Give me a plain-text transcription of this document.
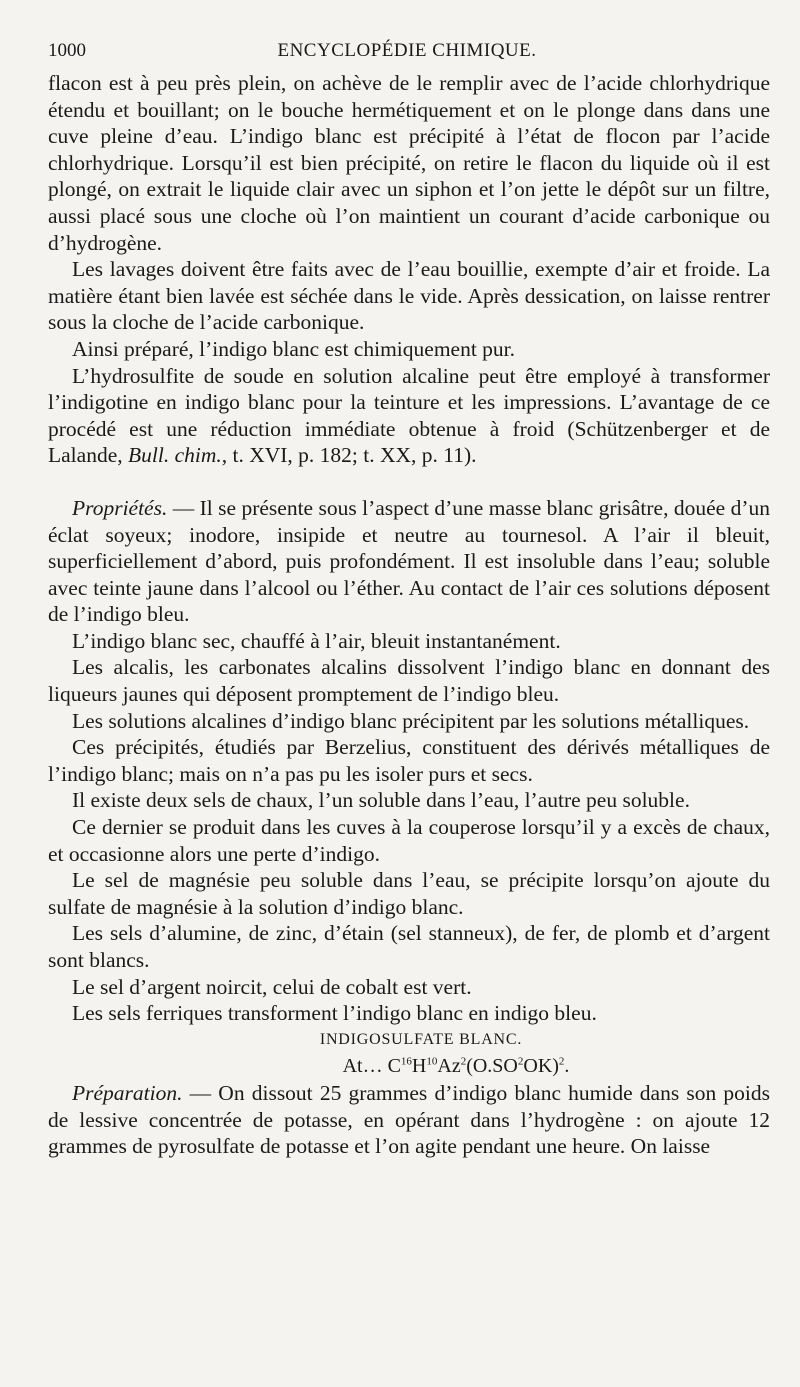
1000	ENCYCLOPÉDIE CHIMIQUE.

flacon est à peu près plein, on achève de le remplir avec de l’acide chlorhydrique étendu et bouillant; on le bouche hermétiquement et on le plonge dans dans une cuve pleine d’eau. L’indigo blanc est précipité à l’état de flocon par l’acide chlorhydrique. Lorsqu’il est bien précipité, on retire le flacon du liquide où il est plongé, on extrait le liquide clair avec un siphon et l’on jette le dépôt sur un filtre, aussi placé sous une cloche où l’on maintient un courant d’acide carbonique ou d’hydrogène.

Les lavages doivent être faits avec de l’eau bouillie, exempte d’air et froide. La matière étant bien lavée est séchée dans le vide. Après dessication, on laisse rentrer sous la cloche de l’acide carbonique.

Ainsi préparé, l’indigo blanc est chimiquement pur.

L’hydrosulfite de soude en solution alcaline peut être employé à transformer l’indigotine en indigo blanc pour la teinture et les impressions. L’avantage de ce procédé est une réduction immédiate obtenue à froid (Schützenberger et de Lalande, Bull. chim., t. XVI, p. 182; t. XX, p. 11).

Propriétés. — Il se présente sous l’aspect d’une masse blanc grisâtre, douée d’un éclat soyeux; inodore, insipide et neutre au tournesol. A l’air il bleuit, superficiellement d’abord, puis profondément. Il est insoluble dans l’eau; soluble avec teinte jaune dans l’alcool ou l’éther. Au contact de l’air ces solutions déposent de l’indigo bleu.

L’indigo blanc sec, chauffé à l’air, bleuit instantanément.

Les alcalis, les carbonates alcalins dissolvent l’indigo blanc en donnant des liqueurs jaunes qui déposent promptement de l’indigo bleu.

Les solutions alcalines d’indigo blanc précipitent par les solutions métalliques.

Ces précipités, étudiés par Berzelius, constituent des dérivés métalliques de l’indigo blanc; mais on n’a pas pu les isoler purs et secs.

Il existe deux sels de chaux, l’un soluble dans l’eau, l’autre peu soluble.

Ce dernier se produit dans les cuves à la couperose lorsqu’il y a excès de chaux, et occasionne alors une perte d’indigo.

Le sel de magnésie peu soluble dans l’eau, se précipite lorsqu’on ajoute du sulfate de magnésie à la solution d’indigo blanc.

Les sels d’alumine, de zinc, d’étain (sel stanneux), de fer, de plomb et d’argent sont blancs.

Le sel d’argent noircit, celui de cobalt est vert.

Les sels ferriques transforment l’indigo blanc en indigo bleu.

INDIGOSULFATE BLANC.

At… $C^{16}H^{10}Az^2(O.SO^2OK)^2$.

Préparation. — On dissout 25 grammes d’indigo blanc humide dans son poids de lessive concentrée de potasse, en opérant dans l’hydrogène : on ajoute 12 grammes de pyrosulfate de potasse et l’on agite pendant une heure. On laisse
